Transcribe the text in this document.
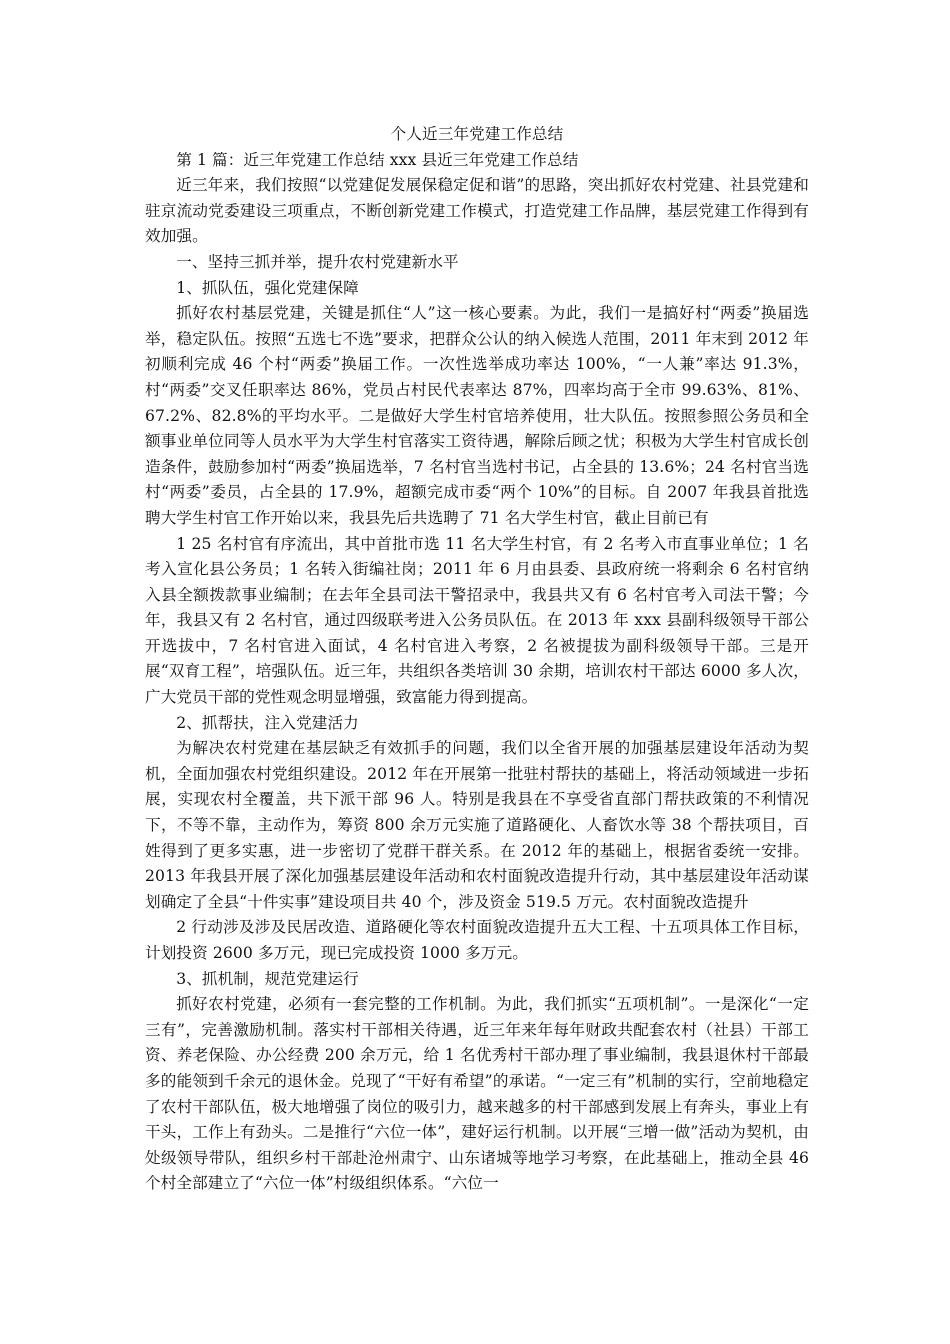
个人近三年党建工作总结

第 1 篇：近三年党建工作总结 xxx 县近三年党建工作总结

近三年来，我们按照“以党建促发展保稳定促和谐”的思路，突出抓好农村党建、社县党建和驻京流动党委建设三项重点，不断创新党建工作模式，打造党建工作品牌，基层党建工作得到有效加强。

一、坚持三抓并举，提升农村党建新水平

1、抓队伍，强化党建保障

抓好农村基层党建，关键是抓住“人”这一核心要素。为此，我们一是搞好村“两委”换届选举，稳定队伍。按照“五选七不选”要求，把群众公认的纳入候选人范围，2011 年末到 2012 年初顺利完成 46 个村“两委”换届工作。一次性选举成功率达 100%，“一人兼”率达 91.3%，村“两委”交叉任职率达 86%，党员占村民代表率达 87%，四率均高于全市 99.63%、81%、67.2%、82.8%的平均水平。二是做好大学生村官培养使用，壮大队伍。按照参照公务员和全额事业单位同等人员水平为大学生村官落实工资待遇，解除后顾之忧；积极为大学生村官成长创造条件，鼓励参加村“两委”换届选举，7 名村官当选村书记，占全县的 13.6%；24 名村官当选村“两委”委员，占全县的 17.9%，超额完成市委“两个 10%”的目标。自 2007 年我县首批选聘大学生村官工作开始以来，我县先后共选聘了 71 名大学生村官，截止目前已有

1 25 名村官有序流出，其中首批市选 11 名大学生村官，有 2 名考入市直事业单位；1 名考入宣化县公务员；1 名转入街编社岗；2011 年 6 月由县委、县政府统一将剩余 6 名村官纳入县全额拨款事业编制；在去年全县司法干警招录中，我县共又有 6 名村官考入司法干警；今年，我县又有 2 名村官，通过四级联考进入公务员队伍。在 2013 年 xxx 县副科级领导干部公开选拔中，7 名村官进入面试，4 名村官进入考察，2 名被提拔为副科级领导干部。三是开展“双育工程”，培强队伍。近三年，共组织各类培训 30 余期，培训农村干部达 6000 多人次，广大党员干部的党性观念明显增强，致富能力得到提高。

2、抓帮扶，注入党建活力

为解决农村党建在基层缺乏有效抓手的问题，我们以全省开展的加强基层建设年活动为契机，全面加强农村党组织建设。2012 年在开展第一批驻村帮扶的基础上，将活动领域进一步拓展，实现农村全覆盖，共下派干部 96 人。特别是我县在不享受省直部门帮扶政策的不利情况下，不等不靠，主动作为，筹资 800 余万元实施了道路硬化、人畜饮水等 38 个帮扶项目，百姓得到了更多实惠，进一步密切了党群干群关系。在 2012 年的基础上，根据省委统一安排。2013 年我县开展了深化加强基层建设年活动和农村面貌改造提升行动，其中基层建设年活动谋划确定了全县“十件实事”建设项目共 40 个，涉及资金 519.5 万元。农村面貌改造提升

2 行动涉及涉及民居改造、道路硬化等农村面貌改造提升五大工程、十五项具体工作目标，计划投资 2600 多万元，现已完成投资 1000 多万元。

3、抓机制，规范党建运行

抓好农村党建，必须有一套完整的工作机制。为此，我们抓实“五项机制”。一是深化“一定三有”，完善激励机制。落实村干部相关待遇，近三年来年每年财政共配套农村（社县）干部工资、养老保险、办公经费 200 余万元，给 1 名优秀村干部办理了事业编制，我县退休村干部最多的能领到千余元的退休金。兑现了“干好有希望”的承诺。“一定三有”机制的实行，空前地稳定了农村干部队伍，极大地增强了岗位的吸引力，越来越多的村干部感到发展上有奔头，事业上有干头，工作上有劲头。二是推行“六位一体”，建好运行机制。以开展“三增一做”活动为契机，由处级领导带队，组织乡村干部赴沧州肃宁、山东诸城等地学习考察，在此基础上，推动全县 46 个村全部建立了“六位一体”村级组织体系。“六位一
